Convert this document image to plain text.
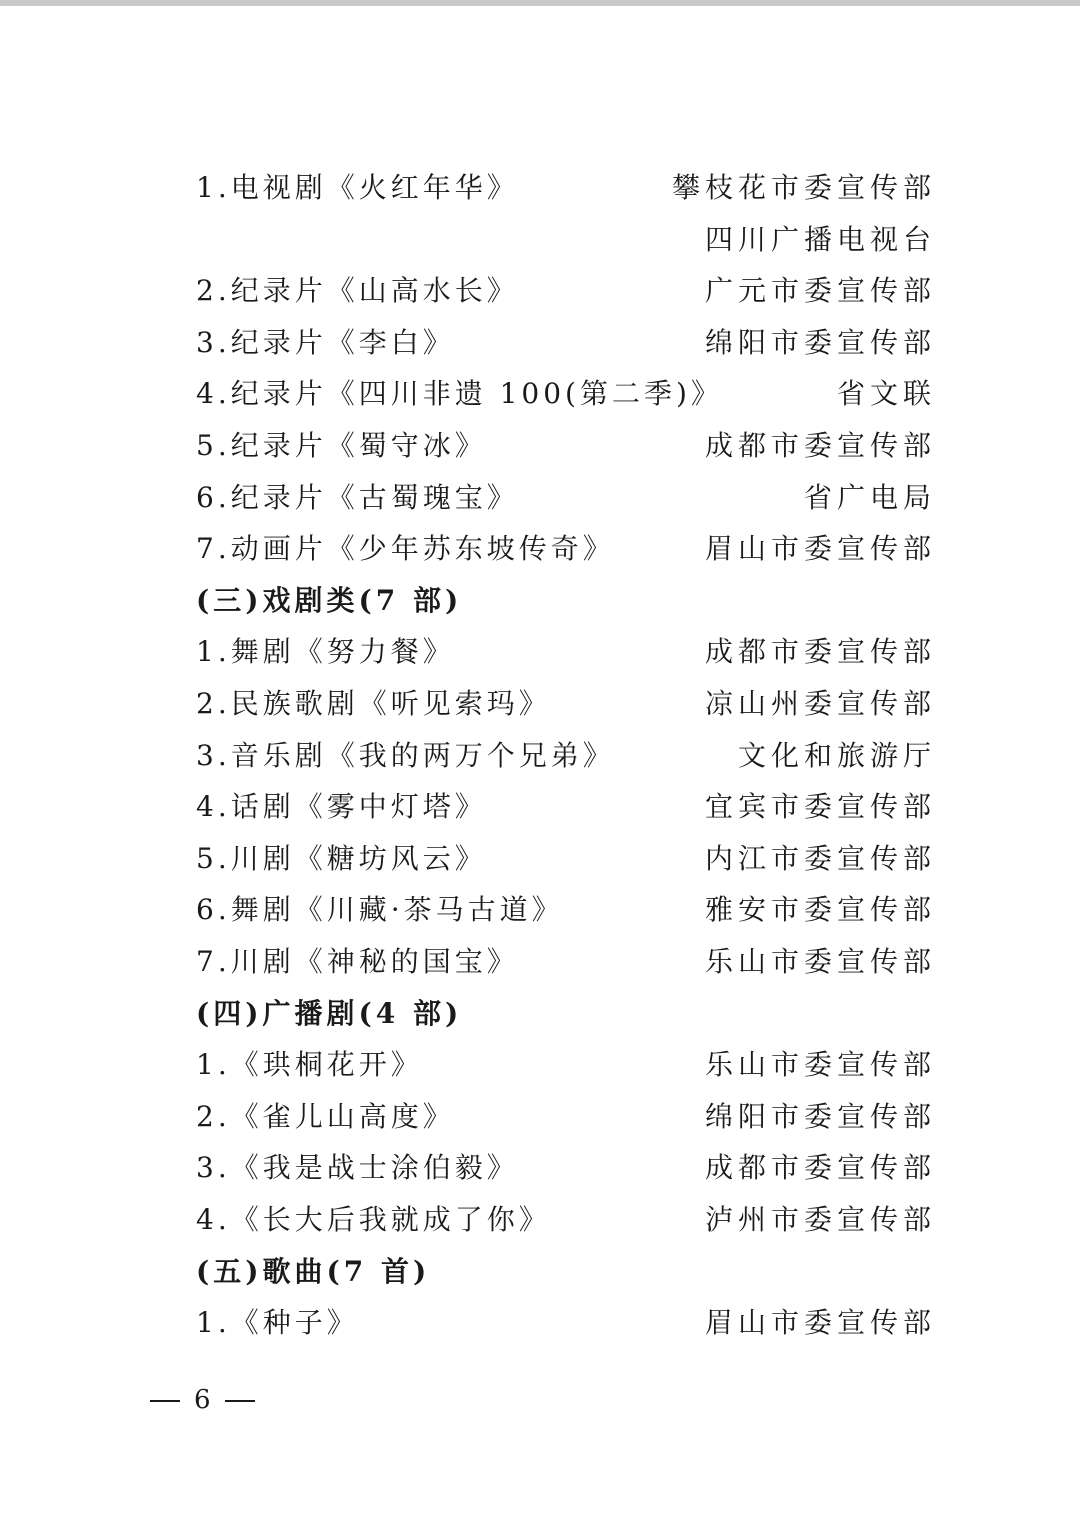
1.电视剧《火红年华》	攀枝花市委宣传部
四川广播电视台
2.纪录片《山高水长》	广元市委宣传部
3.纪录片《李白》	绵阳市委宣传部
4.纪录片《四川非遗 100(第二季)》	省文联
5.纪录片《蜀守冰》	成都市委宣传部
6.纪录片《古蜀瑰宝》	省广电局
7.动画片《少年苏东坡传奇》	眉山市委宣传部
(三)戏剧类(7 部)
1.舞剧《努力餐》	成都市委宣传部
2.民族歌剧《听见索玛》	凉山州委宣传部
3.音乐剧《我的两万个兄弟》	文化和旅游厅
4.话剧《雾中灯塔》	宜宾市委宣传部
5.川剧《糖坊风云》	内江市委宣传部
6.舞剧《川藏·茶马古道》	雅安市委宣传部
7.川剧《神秘的国宝》	乐山市委宣传部
(四)广播剧(4 部)
1.《珙桐花开》	乐山市委宣传部
2.《雀儿山高度》	绵阳市委宣传部
3.《我是战士涂伯毅》	成都市委宣传部
4.《长大后我就成了你》	泸州市委宣传部
(五)歌曲(7 首)
1.《种子》	眉山市委宣传部
6
